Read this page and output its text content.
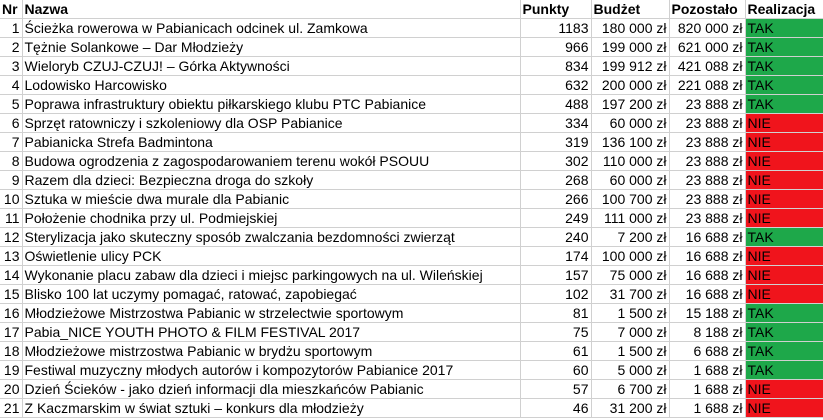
Nr	Nazwa	Punkty	Budżet	Pozostało	Realizacja
1	Ścieżka rowerowa w Pabianicach odcinek ul. Zamkowa	1183	180 000 zł	820 000 zł	TAK
2	Tężnie Solankowe – Dar Młodzieży	966	199 000 zł	621 000 zł	TAK
3	Wieloryb CZUJ-CZUJ! – Górka Aktywności	834	199 912 zł	421 088 zł	TAK
4	Lodowisko Harcowisko	632	200 000 zł	221 088 zł	TAK
5	Poprawa infrastruktury obiektu piłkarskiego klubu PTC Pabianice	488	197 200 zł	23 888 zł	TAK
6	Sprzęt ratowniczy i szkoleniowy dla OSP Pabianice	334	60 000 zł	23 888 zł	NIE
7	Pabianicka Strefa Badmintona	319	136 100 zł	23 888 zł	NIE
8	Budowa ogrodzenia z zagospodarowaniem terenu wokół PSOUU	302	110 000 zł	23 888 zł	NIE
9	Razem dla dzieci: Bezpieczna droga do szkoły	268	60 000 zł	23 888 zł	NIE
10	Sztuka w mieście dwa murale dla Pabianic	266	100 700 zł	23 888 zł	NIE
11	Położenie chodnika przy ul. Podmiejskiej	249	111 000 zł	23 888 zł	NIE
12	Sterylizacja jako skuteczny sposób zwalczania bezdomności zwierząt	240	7 200 zł	16 688 zł	TAK
13	Oświetlenie ulicy PCK	174	100 000 zł	16 688 zł	NIE
14	Wykonanie placu zabaw dla dzieci i miejsc parkingowych na ul. Wileńskiej	157	75 000 zł	16 688 zł	NIE
15	Blisko 100 lat uczymy pomagać, ratować, zapobiegać	102	31 700 zł	16 688 zł	NIE
16	Młodzieżowe Mistrzostwa Pabianic w strzelectwie sportowym	81	1 500 zł	15 188 zł	TAK
17	Pabia_NICE YOUTH PHOTO & FILM FESTIVAL 2017	75	7 000 zł	8 188 zł	TAK
18	Młodzieżowe mistrzostwa Pabianic w brydżu sportowym	61	1 500 zł	6 688 zł	TAK
19	Festiwal muzyczny młodych autorów i kompozytorów Pabianice 2017	60	5 000 zł	1 688 zł	TAK
20	Dzień Ścieków - jako dzień informacji dla mieszkańców Pabianic	57	6 700 zł	1 688 zł	NIE
21	Z Kaczmarskim w świat sztuki – konkurs dla młodzieży	46	31 200 zł	1 688 zł	NIE
